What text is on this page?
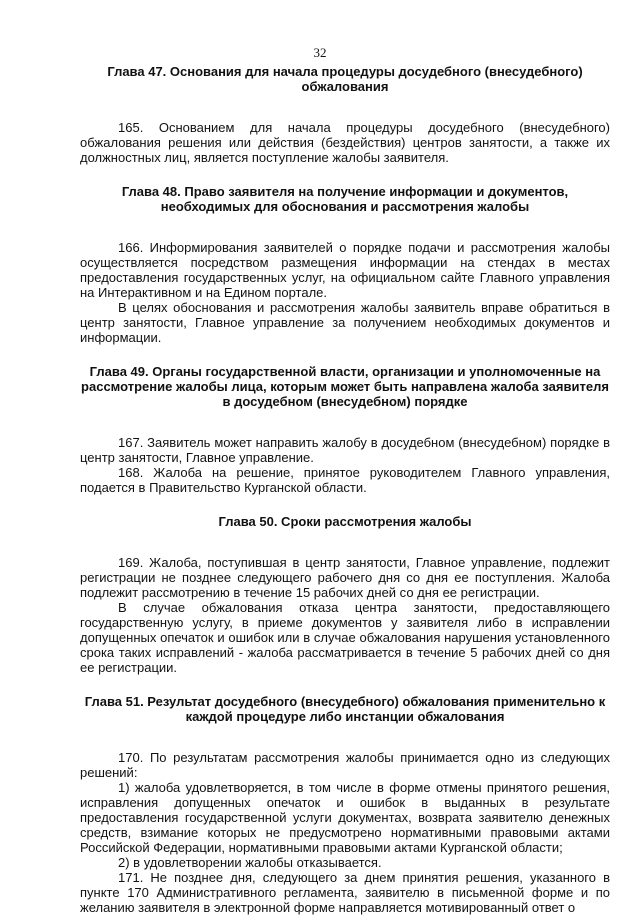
32
Глава 47. Основания для начала процедуры досудебного (внесудебного) обжалования
165. Основанием для начала процедуры досудебного (внесудебного) обжалования решения или действия (бездействия) центров занятости, а также их должностных лиц, является поступление жалобы заявителя.
Глава 48. Право заявителя на получение информации и документов, необходимых для обоснования и рассмотрения жалобы
166. Информирования заявителей о порядке подачи и рассмотрения жалобы осуществляется посредством размещения информации на стендах в местах предоставления государственных услуг, на официальном сайте Главного управления на Интерактивном и на Едином портале.
В целях обоснования и рассмотрения жалобы заявитель вправе обратиться в центр занятости, Главное управление за получением необходимых документов и информации.
Глава 49. Органы государственной власти, организации и уполномоченные на рассмотрение жалобы лица, которым может быть направлена жалоба заявителя в досудебном (внесудебном) порядке
167. Заявитель может направить жалобу в досудебном (внесудебном) порядке в центр занятости, Главное управление.
168. Жалоба на решение, принятое руководителем Главного управления, подается в Правительство Курганской области.
Глава 50. Сроки рассмотрения жалобы
169. Жалоба, поступившая в центр занятости, Главное управление, подлежит регистрации не позднее следующего рабочего дня со дня ее поступления. Жалоба подлежит рассмотрению в течение 15 рабочих дней со дня ее регистрации.
В случае обжалования отказа центра занятости, предоставляющего государственную услугу, в приеме документов у заявителя либо в исправлении допущенных опечаток и ошибок или в случае обжалования нарушения установленного срока таких исправлений - жалоба рассматривается в течение 5 рабочих дней со дня ее регистрации.
Глава 51. Результат досудебного (внесудебного) обжалования применительно к каждой процедуре либо инстанции обжалования
170. По результатам рассмотрения жалобы принимается одно из следующих решений:
1) жалоба удовлетворяется, в том числе в форме отмены принятого решения, исправления допущенных опечаток и ошибок в выданных в результате предоставления государственной услуги документах, возврата заявителю денежных средств, взимание которых не предусмотрено нормативными правовыми актами Российской Федерации, нормативными правовыми актами Курганской области;
2) в удовлетворении жалобы отказывается.
171. Не позднее дня, следующего за днем принятия решения, указанного в пункте 170 Административного регламента, заявителю в письменной форме и по желанию заявителя в электронной форме направляется мотивированный ответ о
